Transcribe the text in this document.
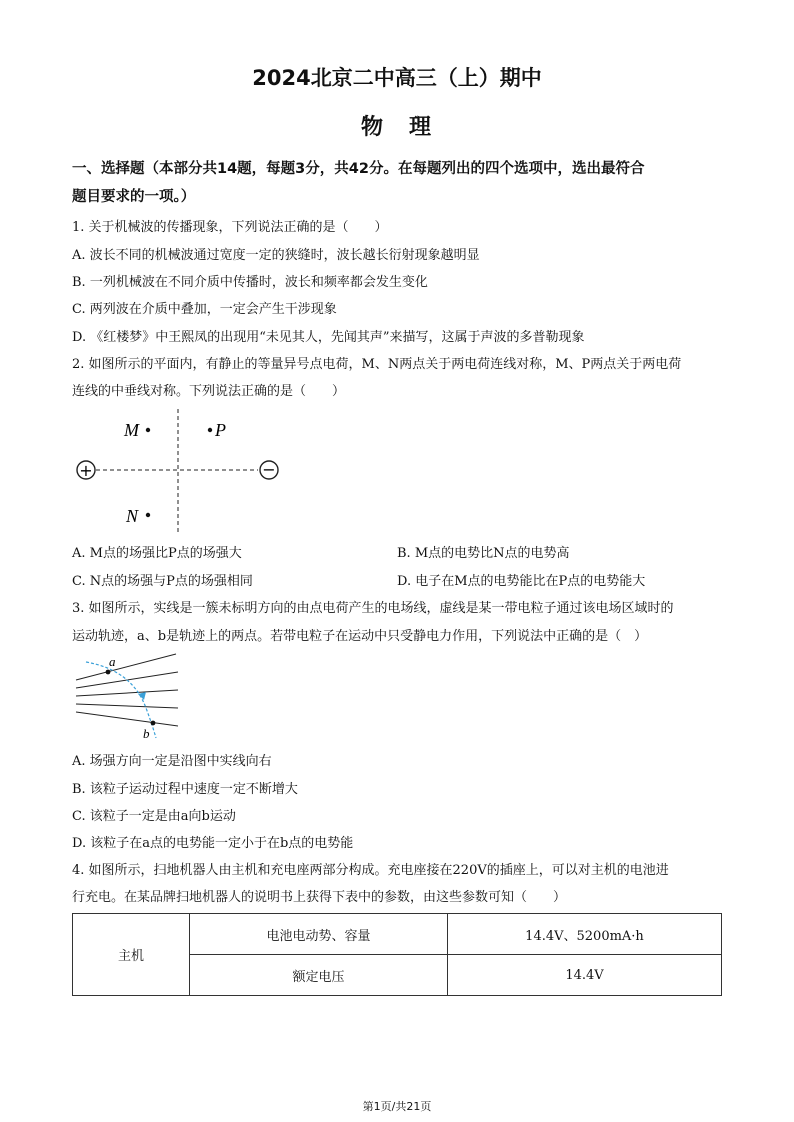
2024北京二中高三（上）期中
物　理
一、选择题（本部分共14题，每题3分，共42分。在每题列出的四个选项中，选出最符合
题目要求的一项。）
1. 关于机械波的传播现象，下列说法正确的是（　　）
A. 波长不同的机械波通过宽度一定的狭缝时，波长越长衍射现象越明显
B. 一列机械波在不同介质中传播时，波长和频率都会发生变化
C. 两列波在介质中叠加，一定会产生干涉现象
D. 《红楼梦》中王熙凤的出现用“未见其人，先闻其声”来描写，这属于声波的多普勒现象
2. 如图所示的平面内，有静止的等量异号点电荷，M、N两点关于两电荷连线对称，M、P两点关于两电荷
连线的中垂线对称。下列说法正确的是（　　）
+	−
M	P
N
A. M点的场强比P点的场强大	B. M点的电势比N点的电势高
C. N点的场强与P点的场强相同	D. 电子在M点的电势能比在P点的电势能大
3. 如图所示，实线是一簇未标明方向的由点电荷产生的电场线，虚线是某一带电粒子通过该电场区域时的
运动轨迹，a、b是轨迹上的两点。若带电粒子在运动中只受静电力作用，下列说法中正确的是（　）
a
b
A. 场强方向一定是沿图中实线向右
B. 该粒子运动过程中速度一定不断增大
C. 该粒子一定是由a向b运动
D. 该粒子在a点的电势能一定小于在b点的电势能
4. 如图所示，扫地机器人由主机和充电座两部分构成。充电座接在220V的插座上，可以对主机的电池进
行充电。在某品牌扫地机器人的说明书上获得下表中的参数，由这些参数可知（　　）
主机	电池电动势、容量	14.4V、5200mA·h
	额定电压	14.4V
第1页/共21页
